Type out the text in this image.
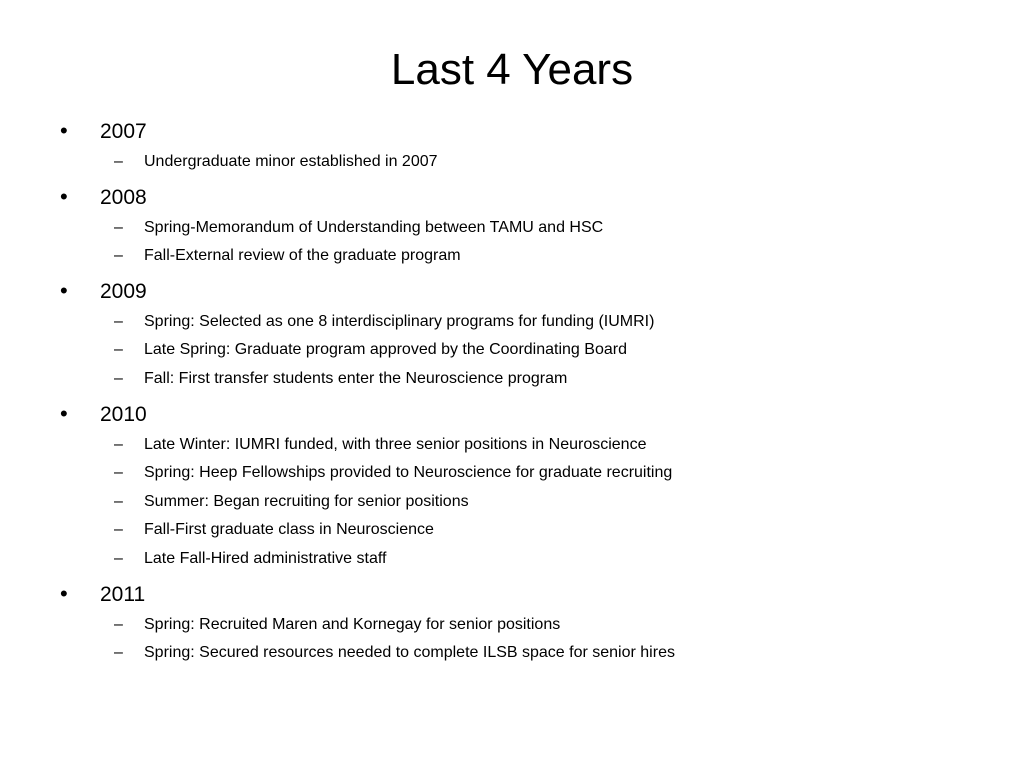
Last 4 Years
•	2007
–	Undergraduate minor established in 2007
•	2008
–	Spring-Memorandum of Understanding between TAMU and HSC
–	Fall-External review of the graduate program
•	2009
–	Spring: Selected as one 8 interdisciplinary programs for funding (IUMRI)
–	Late Spring: Graduate program approved by the Coordinating Board
–	Fall: First transfer students enter the Neuroscience program
•	2010
–	Late Winter: IUMRI funded, with three senior positions in Neuroscience
–	Spring: Heep Fellowships provided to Neuroscience for graduate recruiting
–	Summer: Began recruiting for senior positions
–	Fall-First graduate class in Neuroscience
–	Late Fall-Hired administrative staff
•	2011
–	Spring: Recruited Maren and Kornegay for senior positions
–	Spring: Secured resources needed to complete ILSB space for senior hires
